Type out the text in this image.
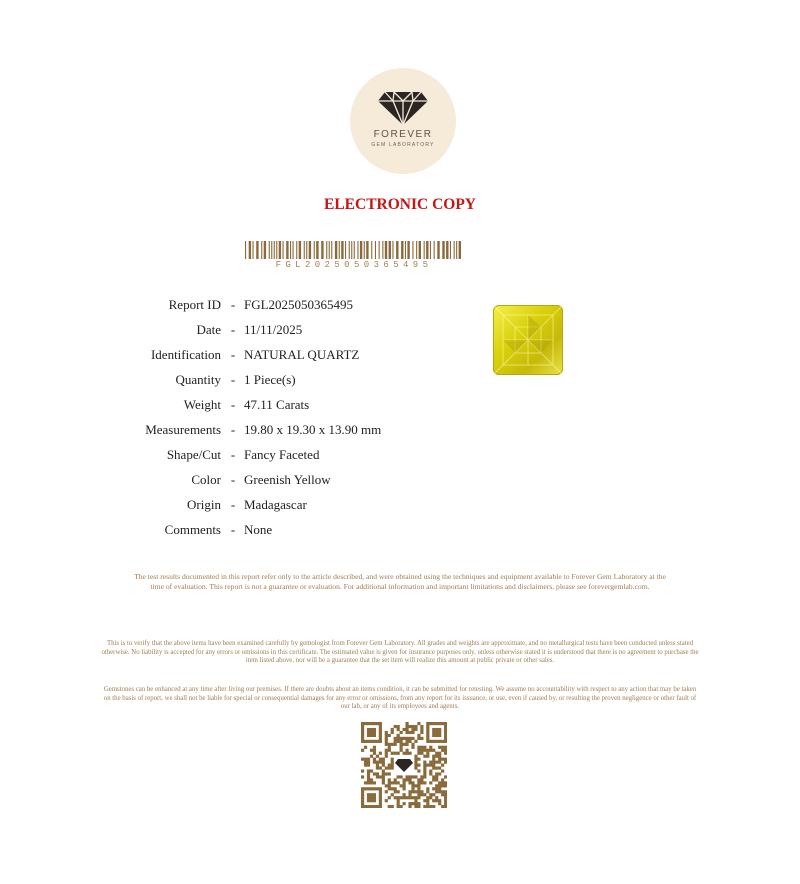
FOREVER
GEM LABORATORY
ELECTRONIC COPY
FGL2025050365495
Report ID - FGL2025050365495
Date - 11/11/2025
Identification - NATURAL QUARTZ
Quantity - 1 Piece(s)
Weight - 47.11 Carats
Measurements - 19.80 x 19.30 x 13.90 mm
Shape/Cut - Fancy Faceted
Color - Greenish Yellow
Origin - Madagascar
Comments - None
The test results documented in this report refer only to the article described, and were obtained using the techniques and equipment available to Forever Gem Laboratory at the time of evaluation. This report is not a guarantee or evaluation. For additional information and important limitations and disclaimers, please see forevergemlab.com.
This is to verify that the above items have been examined carefully by gemologist from Forever Gem Laboratory. All grades and weights are approximate, and no metallurgical tests have been conducted unless stated otherwise. No liability is accepted for any errors or omissions in this certificate. The estimated value is given for insurance purposes only, unless otherwise stated it is understood that there is no agreement to purchase the item listed above, nor will be a guarantee that the set item will realize this amount at public private or other sales.
Gemstones can be enhanced at any time after living our premises. If there are doubts about an items condition, it can be submitted for retesting. We assume no accountability with respect to any action that may be taken on the basis of report, we shall not be liable for special or consequential damages for any error or omissions, from any report for its issuance, or use, even if caused by, or resulting the proven negligence or other fault of our lab, or any of its employees and agents.
